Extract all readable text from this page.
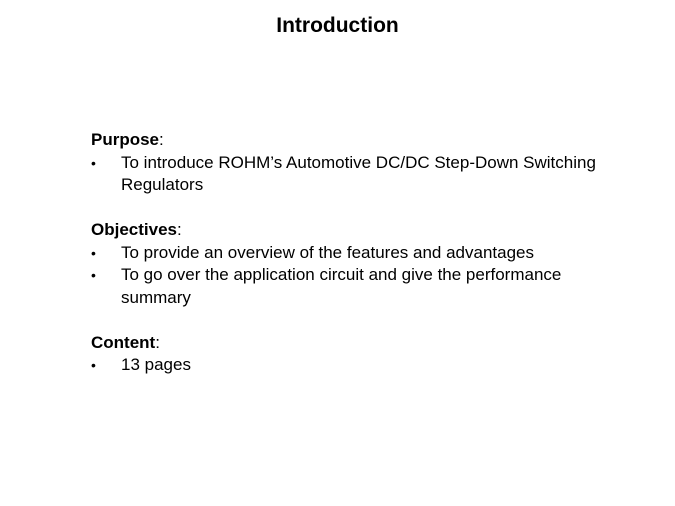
Introduction
Purpose:
•	To introduce ROHM’s Automotive DC/DC Step-Down Switching Regulators
Objectives:
•	To provide an overview of the features and advantages
•	To go over the application circuit and give the performance summary
Content:
•	13 pages
